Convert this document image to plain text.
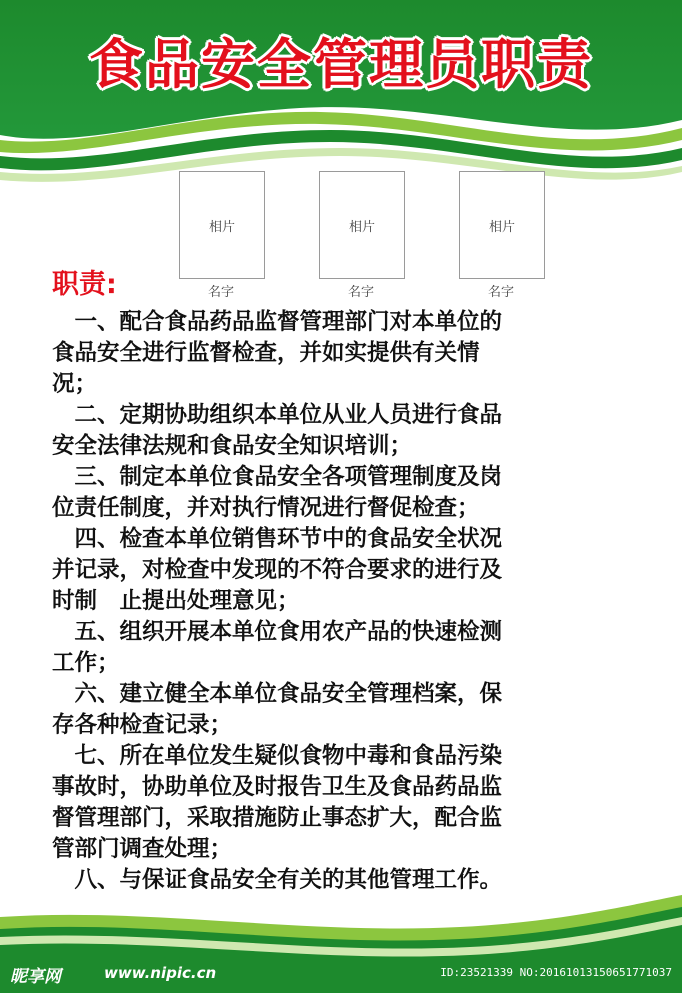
食品安全管理员职责
相片	相片	相片
名字	名字	名字
职责:
　一、配合食品药品监督管理部门对本单位的
食品安全进行监督检查，并如实提供有关情
况；
　二、定期协助组织本单位从业人员进行食品
安全法律法规和食品安全知识培训；
　三、制定本单位食品安全各项管理制度及岗
位责任制度，并对执行情况进行督促检查；
　四、检查本单位销售环节中的食品安全状况
并记录，对检查中发现的不符合要求的进行及
时制　止提出处理意见；
　五、组织开展本单位食用农产品的快速检测
工作；
　六、建立健全本单位食品安全管理档案，保
存各种检查记录；
　七、所在单位发生疑似食物中毒和食品污染
事故时，协助单位及时报告卫生及食品药品监
督管理部门，采取措施防止事态扩大，配合监
管部门调查处理；
　八、与保证食品安全有关的其他管理工作。
昵享网	www.nipic.cn	ID:23521339 NO:20161013150651771037
